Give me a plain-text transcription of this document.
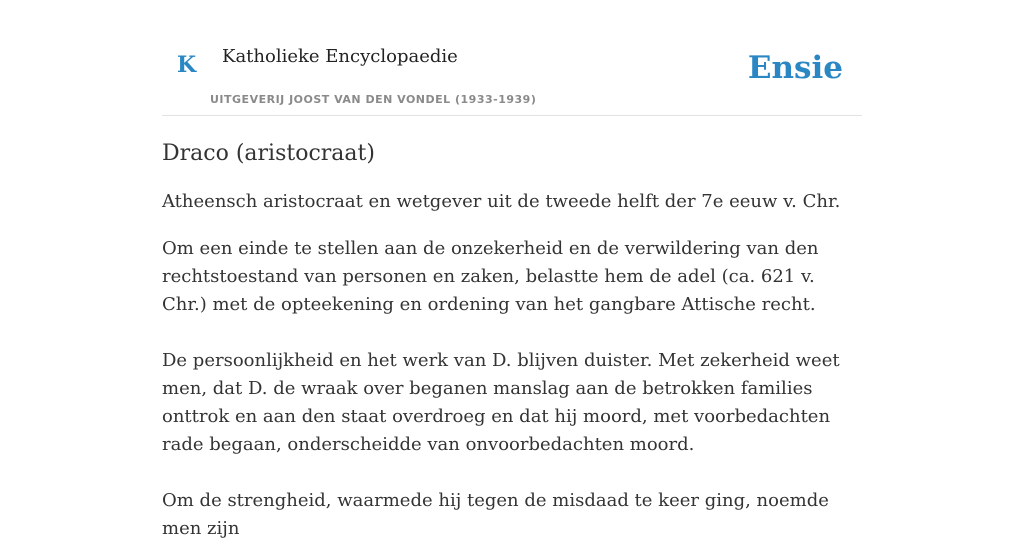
K Katholieke Encyclopaedie
UITGEVERIJ JOOST VAN DEN VONDEL (1933-1939)
Ensie
Draco (aristocraat)

Atheensch aristocraat en wetgever uit de tweede helft der 7e eeuw v. Chr.

Om een einde te stellen aan de onzekerheid en de verwildering van den rechtstoestand van personen en zaken, belastte hem de adel (ca. 621 v. Chr.) met de opteekening en ordening van het gangbare Attische recht.

De persoonlijkheid en het werk van D. blijven duister. Met zekerheid weet men, dat D. de wraak over beganen manslag aan de betrokken families onttrok en aan den staat overdroeg en dat hij moord, met voorbedachten rade begaan, onderscheidde van onvoorbedachten moord.

Om de strengheid, waarmede hij tegen de misdaad te keer ging, noemde men zijn
